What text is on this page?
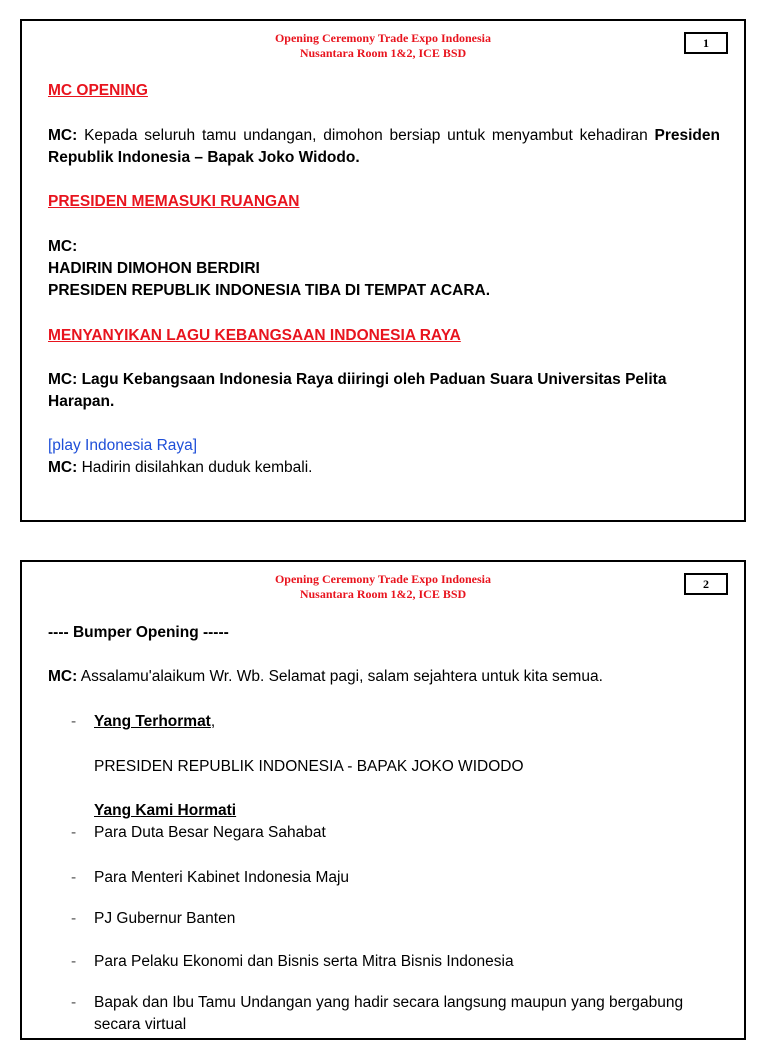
Opening Ceremony Trade Expo Indonesia
Nusantara Room 1&2, ICE BSD
1
MC OPENING
MC: Kepada seluruh tamu undangan, dimohon bersiap untuk menyambut kehadiran Presiden Republik Indonesia – Bapak Joko Widodo.
PRESIDEN MEMASUKI RUANGAN
MC:
HADIRIN DIMOHON BERDIRI
PRESIDEN REPUBLIK INDONESIA TIBA DI TEMPAT ACARA.
MENYANYIKAN LAGU KEBANGSAAN INDONESIA RAYA
MC: Lagu Kebangsaan Indonesia Raya diiringi oleh Paduan Suara Universitas Pelita Harapan.
[play Indonesia Raya]
MC: Hadirin disilahkan duduk kembali.
Opening Ceremony Trade Expo Indonesia
Nusantara Room 1&2, ICE BSD
2
---- Bumper Opening -----
MC: Assalamu'alaikum Wr. Wb. Selamat pagi, salam sejahtera untuk kita semua.
- Yang Terhormat,
PRESIDEN REPUBLIK INDONESIA - BAPAK JOKO WIDODO
Yang Kami Hormati
- Para Duta Besar Negara Sahabat
- Para Menteri Kabinet Indonesia Maju
- PJ Gubernur Banten
- Para Pelaku Ekonomi dan Bisnis serta Mitra Bisnis Indonesia
- Bapak dan Ibu Tamu Undangan yang hadir secara langsung maupun yang bergabung secara virtual
